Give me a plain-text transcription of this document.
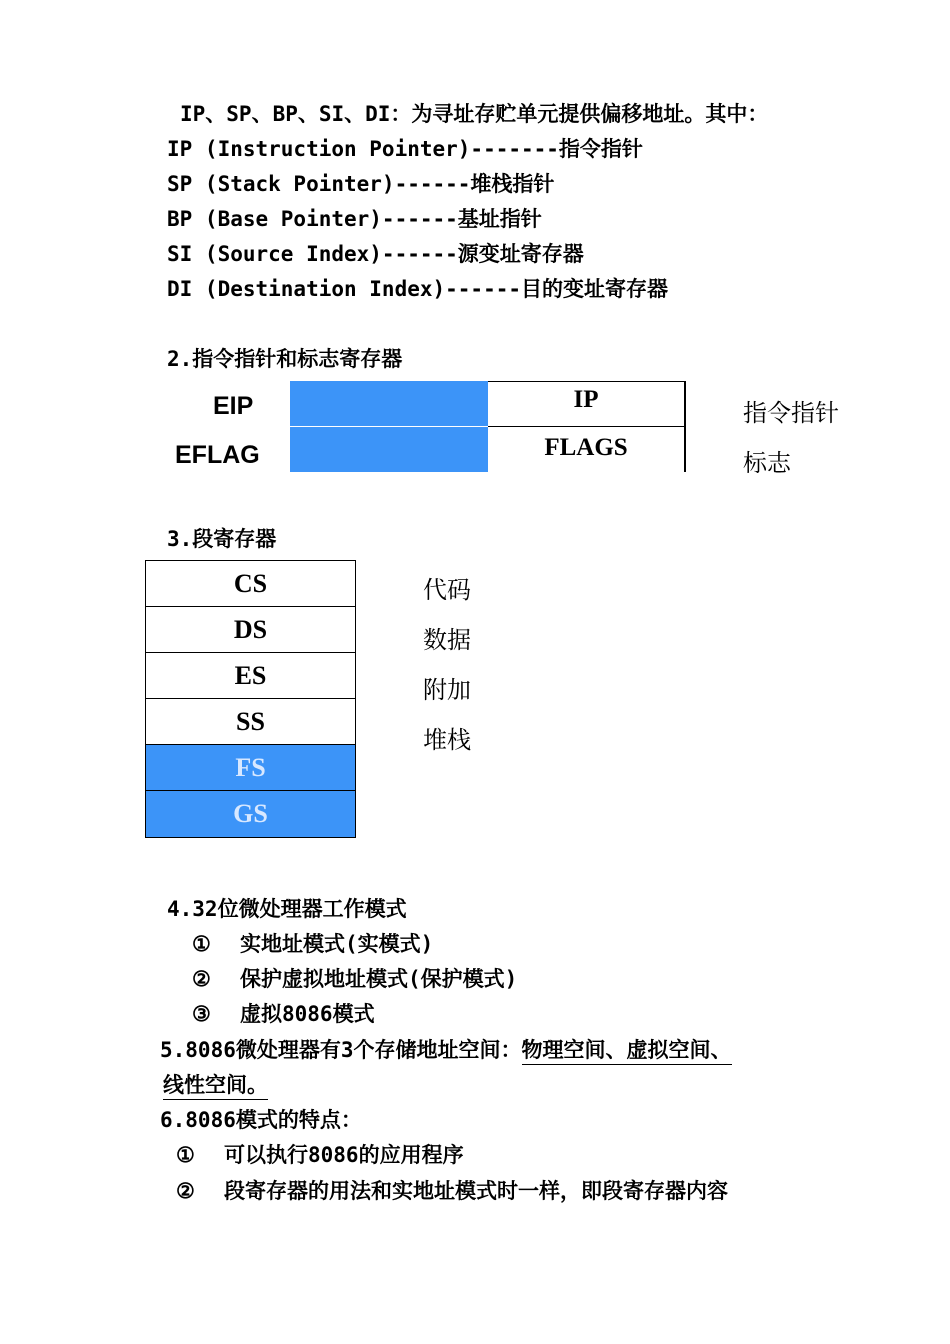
IP、SP、BP、SI、DI：为寻址存贮单元提供偏移地址。其中：
IP (Instruction Pointer)-------指令指针
SP (Stack Pointer)------堆栈指针
BP (Base Pointer)------基址指针
SI (Source Index)------源变址寄存器
DI (Destination Index)------目的变址寄存器
2.指令指针和标志寄存器
EIP
EFLAG
IP
FLAGS
指令指针
标志
3.段寄存器
CS
DS
ES
SS
FS
GS
代码
数据
附加
堆栈
4.32位微处理器工作模式
① 实地址模式(实模式)
② 保护虚拟地址模式(保护模式)
③ 虚拟8086模式
5.8086微处理器有3个存储地址空间：物理空间、虚拟空间、
线性空间。
6.8086模式的特点：
① 可以执行8086的应用程序
② 段寄存器的用法和实地址模式时一样，即段寄存器内容
